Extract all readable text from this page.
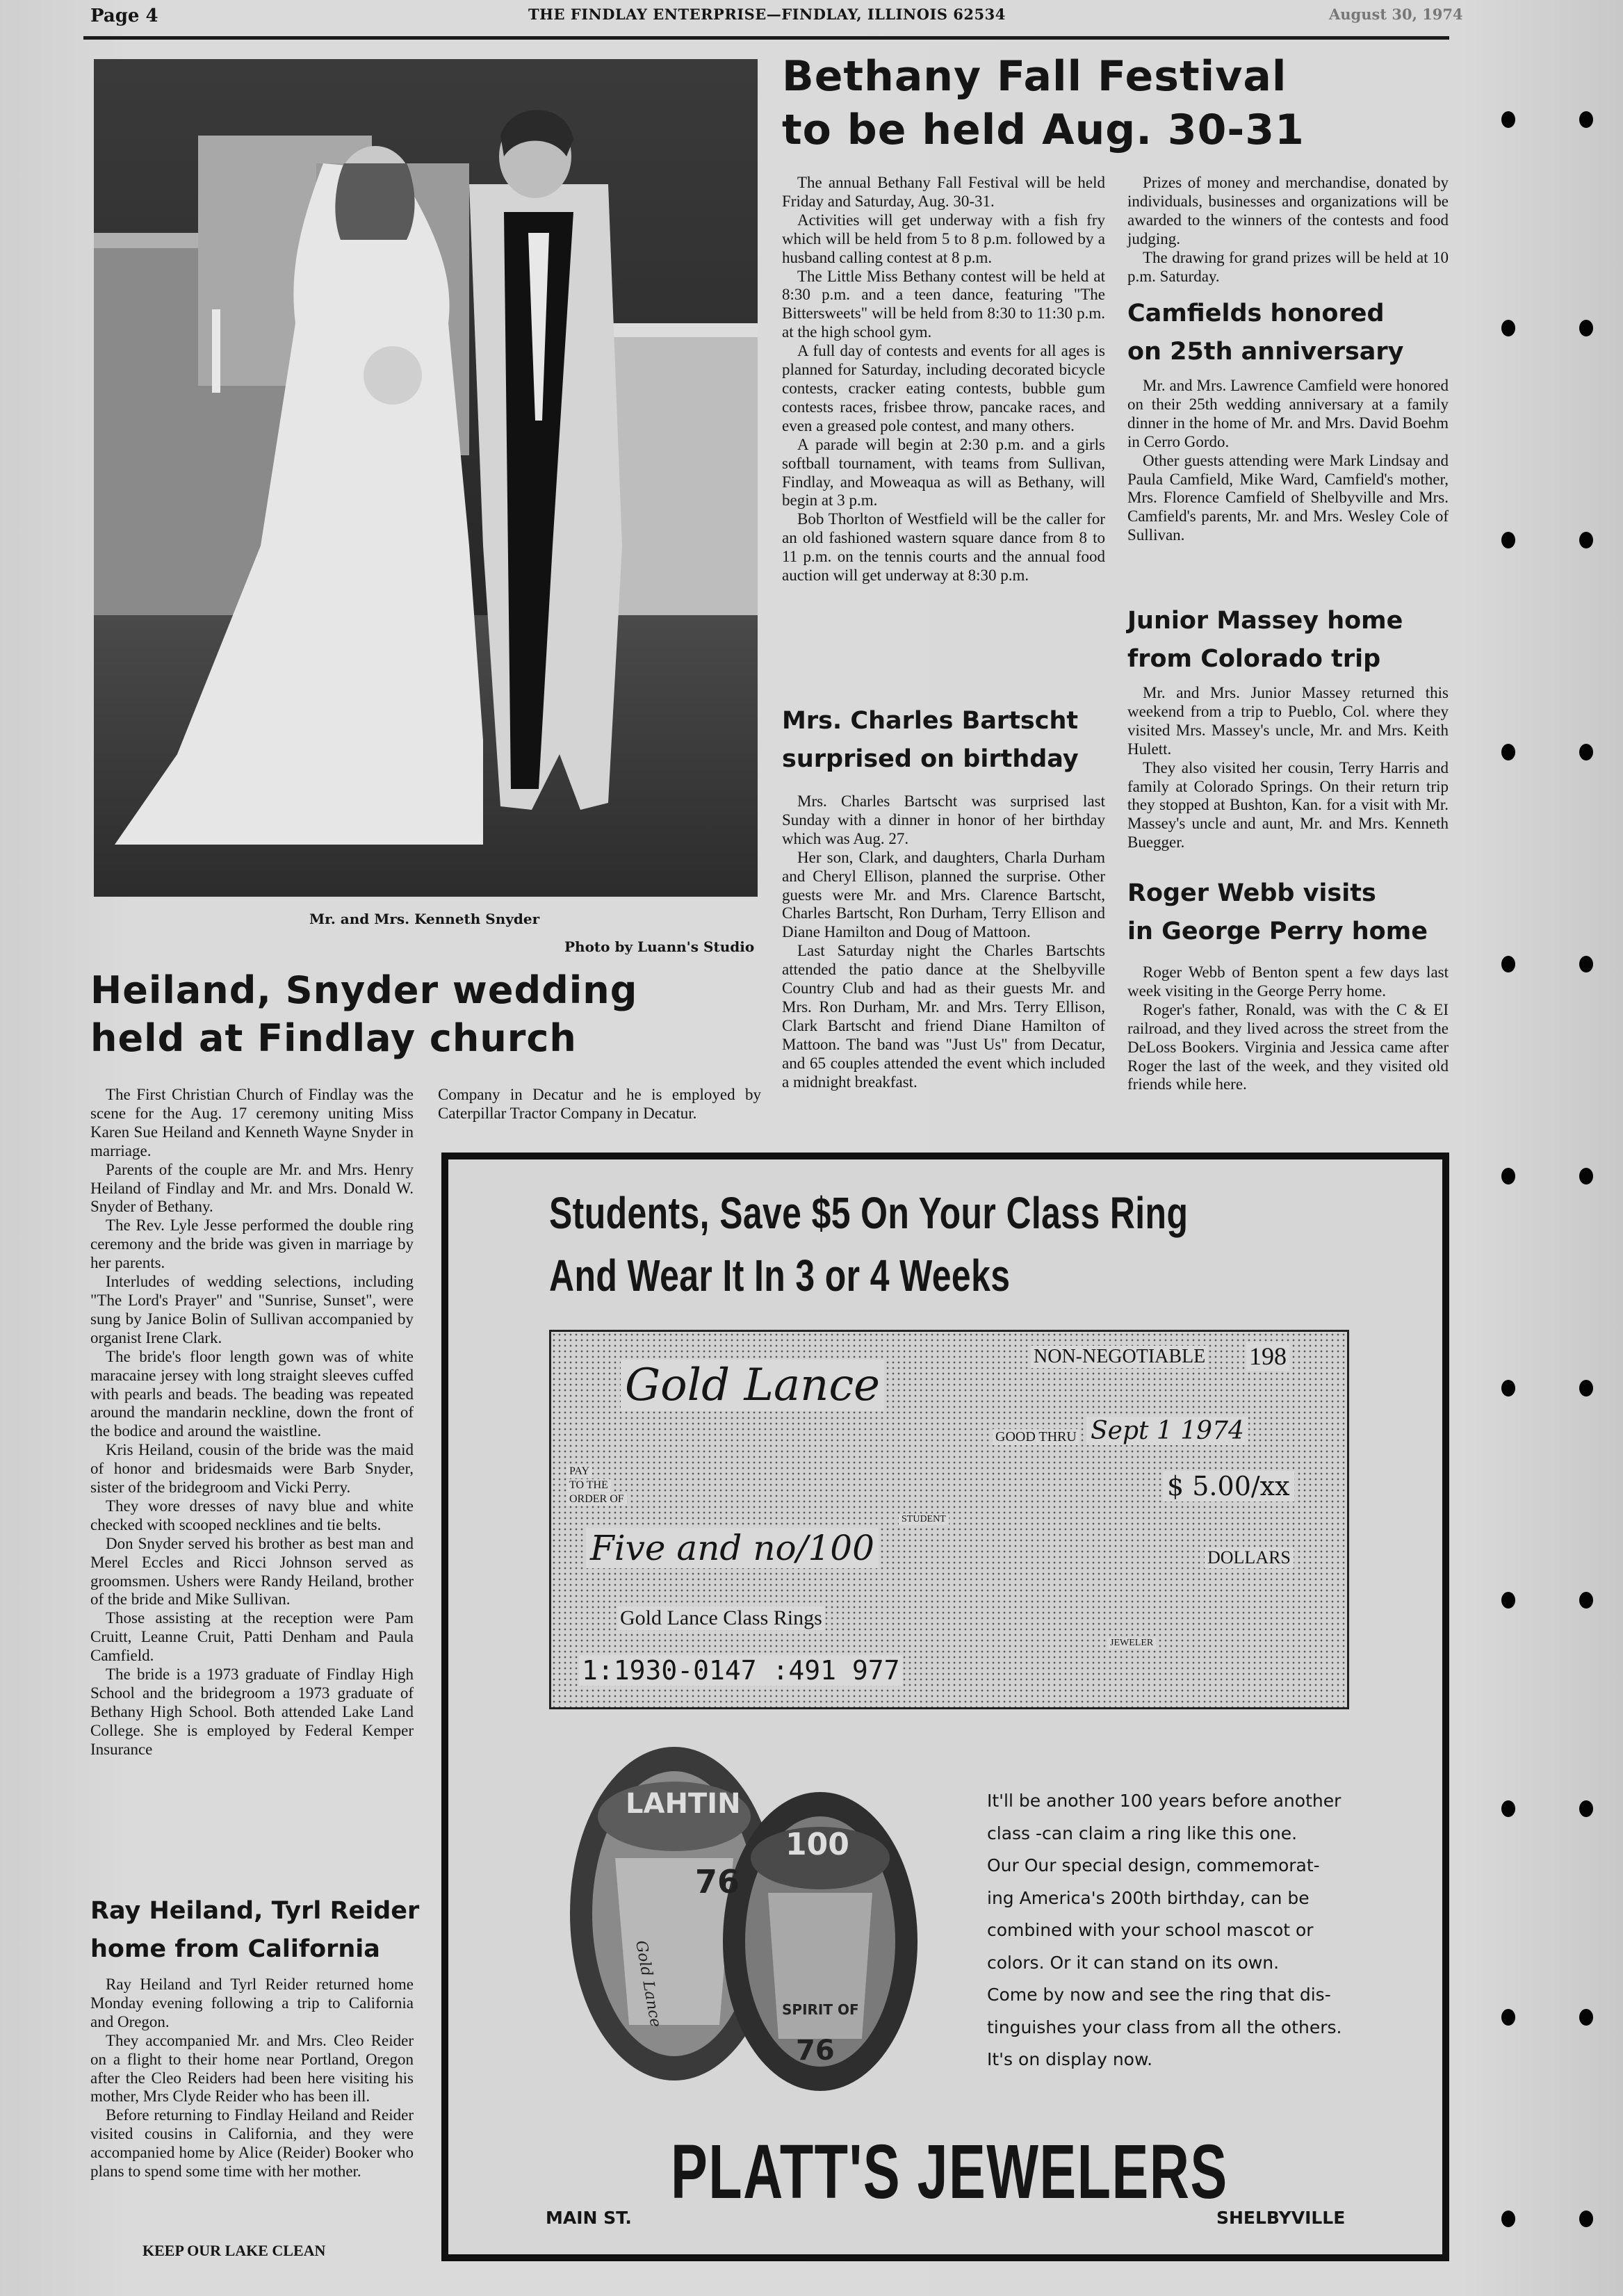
Page 4	THE FINDLAY ENTERPRISE—FINDLAY, ILLINOIS 62534	August 30, 1974
Mr. and Mrs. Kenneth Snyder
Photo by Luann's Studio
Bethany Fall Festival
to be held Aug. 30-31

The annual Bethany Fall Festival will be held Friday and Saturday, Aug. 30-31.

Activities will get underway with a fish fry which will be held from 5 to 8 p.m. followed by a husband calling contest at 8 p.m.

The Little Miss Bethany contest will be held at 8:30 p.m. and a teen dance, featuring "The Bittersweets" will be held from 8:30 to 11:30 p.m. at the high school gym.

A full day of contests and events for all ages is planned for Saturday, including decorated bicycle contests, cracker eating contests, bubble gum contests races, frisbee throw, pancake races, and even a greased pole contest, and many others.

A parade will begin at 2:30 p.m. and a girls softball tournament, with teams from Sullivan, Findlay, and Moweaqua as will as Bethany, will begin at 3 p.m.

Bob Thorlton of Westfield will be the caller for an old fashioned wastern square dance from 8 to 11 p.m. on the tennis courts and the annual food auction will get underway at 8:30 p.m.

Mrs. Charles Bartscht
surprised on birthday

Mrs. Charles Bartscht was surprised last Sunday with a dinner in honor of her birthday which was Aug. 27.

Her son, Clark, and daughters, Charla Durham and Cheryl Ellison, planned the surprise. Other guests were Mr. and Mrs. Clarence Bartscht, Charles Bartscht, Ron Durham, Terry Ellison and Diane Hamilton and Doug of Mattoon.

Last Saturday night the Charles Bartschts attended the patio dance at the Shelbyville Country Club and had as their guests Mr. and Mrs. Ron Durham, Mr. and Mrs. Terry Ellison, Clark Bartscht and friend Diane Hamilton of Mattoon. The band was "Just Us" from Decatur, and 65 couples attended the event which included a midnight breakfast.

Prizes of money and merchandise, donated by individuals, businesses and organizations will be awarded to the winners of the contests and food judging.

The drawing for grand prizes will be held at 10 p.m. Saturday.

Camfields honored
on 25th anniversary

Mr. and Mrs. Lawrence Camfield were honored on their 25th wedding anniversary at a family dinner in the home of Mr. and Mrs. David Boehm in Cerro Gordo.

Other guests attending were Mark Lindsay and Paula Camfield, Mike Ward, Camfield's mother, Mrs. Florence Camfield of Shelbyville and Mrs. Camfield's parents, Mr. and Mrs. Wesley Cole of Sullivan.

Junior Massey home
from Colorado trip

Mr. and Mrs. Junior Massey returned this weekend from a trip to Pueblo, Col. where they visited Mrs. Massey's uncle, Mr. and Mrs. Keith Hulett.

They also visited her cousin, Terry Harris and family at Colorado Springs. On their return trip they stopped at Bushton, Kan. for a visit with Mr. Massey's uncle and aunt, Mr. and Mrs. Kenneth Buegger.

Roger Webb visits
in George Perry home

Roger Webb of Benton spent a few days last week visiting in the George Perry home.

Roger's father, Ronald, was with the C & EI railroad, and they lived across the street from the DeLoss Bookers. Virginia and Jessica came after Roger the last of the week, and they visited old friends while here.

Heiland, Snyder wedding
held at Findlay church

The First Christian Church of Findlay was the scene for the Aug. 17 ceremony uniting Miss Karen Sue Heiland and Kenneth Wayne Snyder in marriage.

Parents of the couple are Mr. and Mrs. Henry Heiland of Findlay and Mr. and Mrs. Donald W. Snyder of Bethany.

The Rev. Lyle Jesse performed the double ring ceremony and the bride was given in marriage by her parents.

Interludes of wedding selections, including "The Lord's Prayer" and "Sunrise, Sunset", were sung by Janice Bolin of Sullivan accompanied by organist Irene Clark.

The bride's floor length gown was of white maracaine jersey with long straight sleeves cuffed with pearls and beads. The beading was repeated around the mandarin neckline, down the front of the bodice and around the waistline.

Kris Heiland, cousin of the bride was the maid of honor and bridesmaids were Barb Snyder, sister of the bridegroom and Vicki Perry.

They wore dresses of navy blue and white checked with scooped necklines and tie belts.

Don Snyder served his brother as best man and Merel Eccles and Ricci Johnson served as groomsmen. Ushers were Randy Heiland, brother of the bride and Mike Sullivan.

Those assisting at the reception were Pam Cruitt, Leanne Cruit, Patti Denham and Paula Camfield.

The bride is a 1973 graduate of Findlay High School and the bridegroom a 1973 graduate of Bethany High School. Both attended Lake Land College. She is employed by Federal Kemper Insurance

Company in Decatur and he is employed by Caterpillar Tractor Company in Decatur.

Ray Heiland, Tyrl Reider
home from California

Ray Heiland and Tyrl Reider returned home Monday evening following a trip to California and Oregon.

They accompanied Mr. and Mrs. Cleo Reider on a flight to their home near Portland, Oregon after the Cleo Reiders had been here visiting his mother, Mrs Clyde Reider who has been ill.

Before returning to Findlay Heiland and Reider visited cousins in California, and they were accompanied home by Alice (Reider) Booker who plans to spend some time with her mother.

KEEP OUR LAKE CLEAN
Students, Save $5 On Your Class Ring
And Wear It In 3 or 4 Weeks
Gold Lance
NON-NEGOTIABLE 198
GOOD THRU Sept 1 1974
PAY
TO THE
ORDER OF	$ 5.00/xx
STUDENT
Five and no/100	DOLLARS
Gold Lance Class Rings
1:1930-0147 :491 977
JEWELER
LAHTIN
76
100
SPIRIT OF
76
Gold Lance
It'll be another 100 years before another
class -can claim a ring like this one.
Our Our special design, commemorat-
ing America's 200th birthday, can be
combined with your school mascot or
colors. Or it can stand on its own.
Come by now and see the ring that dis-
tinguishes your class from all the others.
It's on display now.
PLATT'S JEWELERS
MAIN ST.	SHELBYVILLE
